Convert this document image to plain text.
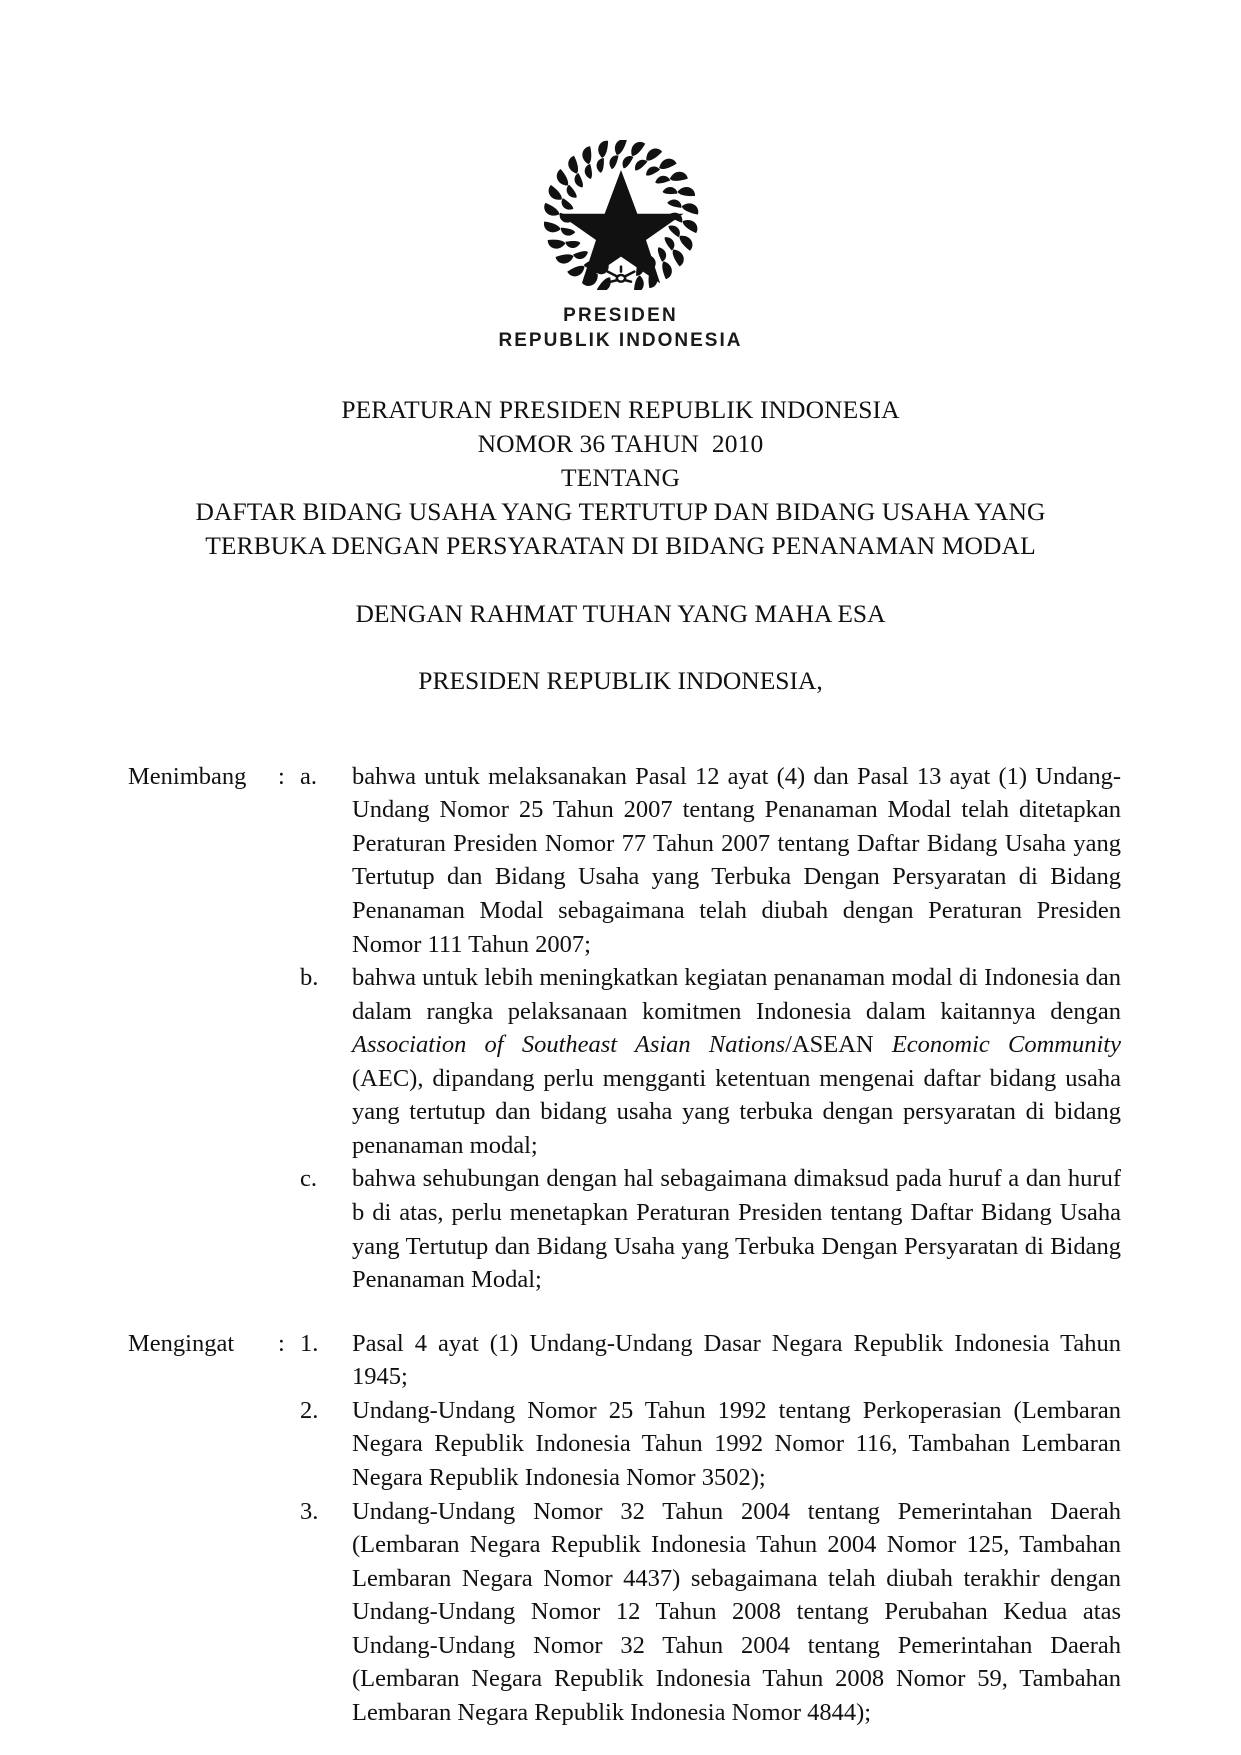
PRESIDEN
REPUBLIK INDONESIA
PERATURAN PRESIDEN REPUBLIK INDONESIA
NOMOR 36 TAHUN  2010
TENTANG
DAFTAR BIDANG USAHA YANG TERTUTUP DAN BIDANG USAHA YANG
TERBUKA DENGAN PERSYARATAN DI BIDANG PENANAMAN MODAL
DENGAN RAHMAT TUHAN YANG MAHA ESA
PRESIDEN REPUBLIK INDONESIA,
Menimbang	: a.	bahwa untuk melaksanakan Pasal 12 ayat (4) dan Pasal 13 ayat (1) Undang-Undang Nomor 25 Tahun 2007 tentang Penanaman Modal telah ditetapkan Peraturan Presiden Nomor 77 Tahun 2007 tentang Daftar Bidang Usaha yang Tertutup dan Bidang Usaha yang Terbuka Dengan Persyaratan di Bidang Penanaman Modal sebagaimana telah diubah dengan Peraturan Presiden Nomor 111 Tahun 2007;
b.	bahwa untuk lebih meningkatkan kegiatan penanaman modal di Indonesia dan dalam rangka pelaksanaan komitmen Indonesia dalam kaitannya dengan Association of Southeast Asian Nations/ASEAN Economic Community (AEC), dipandang perlu mengganti ketentuan mengenai daftar bidang usaha yang tertutup dan bidang usaha yang terbuka dengan persyaratan di bidang penanaman modal;
c.	bahwa sehubungan dengan hal sebagaimana dimaksud pada huruf a dan huruf b di atas, perlu menetapkan Peraturan Presiden tentang Daftar Bidang Usaha yang Tertutup dan Bidang Usaha yang Terbuka Dengan Persyaratan di Bidang Penanaman Modal;
Mengingat	: 1.	Pasal 4 ayat (1) Undang-Undang Dasar Negara Republik Indonesia Tahun 1945;
2.	Undang-Undang Nomor 25 Tahun 1992 tentang Perkoperasian (Lembaran Negara Republik Indonesia Tahun 1992 Nomor 116, Tambahan Lembaran Negara Republik Indonesia Nomor 3502);
3.	Undang-Undang Nomor 32 Tahun 2004 tentang Pemerintahan Daerah (Lembaran Negara Republik Indonesia Tahun 2004 Nomor 125, Tambahan Lembaran Negara Nomor 4437) sebagaimana telah diubah terakhir dengan Undang-Undang Nomor 12 Tahun 2008 tentang Perubahan Kedua atas Undang-Undang Nomor 32 Tahun 2004 tentang Pemerintahan Daerah (Lembaran Negara Republik Indonesia Tahun 2008 Nomor 59, Tambahan Lembaran Negara Republik Indonesia Nomor 4844);
